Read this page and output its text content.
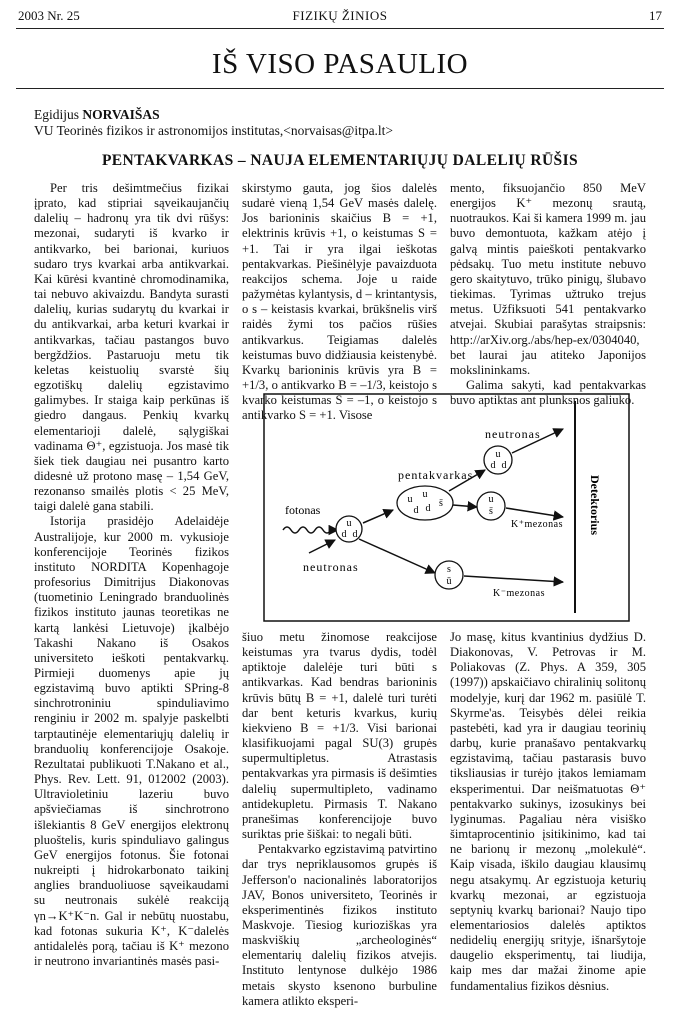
2003 Nr. 25	FIZIKŲ ŽINIOS	17
IŠ VISO PASAULIO
Egidijus NORVAIŠAS
VU Teorinės fizikos ir astronomijos institutas,<norvaisas@itpa.lt>
PENTAKVARKAS – NAUJA ELEMENTARIŲJŲ DALELIŲ RŪŠIS

Per tris dešimtmečius fizikai įprato, kad stipriai sąveikaujančių dalelių – hadronų yra tik dvi rūšys: mezonai, sudaryti iš kvarko ir antikvarko, bei barionai, kuriuos sudaro trys kvarkai arba antikvarkai. Kai kūrėsi kvantinė chromodinamika, tai nebuvo akivaizdu. Bandyta surasti dalelių, kurias sudarytų du kvarkai ir du antikvarkai, arba keturi kvarkai ir antikvarkas, tačiau pastangos buvo bergždžios. Pastaruoju metu tik keletas keistuolių svarstė šių egzotiškų dalelių egzistavimo galimybes. Ir staiga kaip perkūnas iš giedro dangaus. Penkių kvarkų elementarioji dalelė, sąlygiškai vadinama Θ⁺, egzistuoja. Jos masė tik šiek tiek daugiau nei pusantro karto didesnė už protono masę – 1,54 GeV, rezonanso smailės plotis < 25 MeV, taigi dalelė gana stabili.

Istorija prasidėjo Adelaidėje Australijoje, kur 2000 m. vykusioje konferencijoje Teorinės fizikos instituto NORDITA Kopenhagoje profesorius Dimitrijus Diakonovas (tuometinio Leningrado branduolinės fizikos instituto jaunas teoretikas ne kartą lankėsi Lietuvoje) įkalbėjo Takashi Nakano iš Osakos universiteto ieškoti pentakvarkų. Pirmieji duomenys apie jų egzistavimą buvo aptikti SPring-8 sinchrotroniniu spinduliavimo renginiu ir 2002 m. spalyje paskelbti tarptautinėje elementariųjų dalelių ir branduolių konferencijoje Osakoje. Rezultatai publikuoti T.Nakano et al., Phys. Rev. Lett. 91, 012002 (2003). Ultravioletiniu lazeriu buvo apšviečiamas iš sinchrotrono išlekiantis 8 GeV energijos elektronų pluoštelis, kuris spinduliavo galingus GeV energijos fotonus. Šie fotonai nukreipti į hidrokarbonato taikinį anglies branduoliuose sąveikaudami su neutronais sukėlė reakciją γn→K⁺K⁻n. Gal ir nebūtų nuostabu, kad fotonas sukuria K⁺, K⁻dalelės antidalelės porą, tačiau iš K⁺ mezono ir neutrono invariantinės masės pasi-

skirstymo gauta, jog šios dalelės sudarė vieną 1,54 GeV masės dalelę. Jos barioninis skaičius B = +1, elektrinis krūvis +1, o keistumas S = +1. Tai ir yra ilgai ieškotas pentakvarkas. Piešinėlyje pavaizduota reakcijos schema. Joje u raide pažymėtas kylantysis, d – krintantysis, o s – keistasis kvarkai, brūkšnelis virš raidės žymi tos pačios rūšies antikvarkus. Teigiamas dalelės keistumas buvo didžiausia keistenybė. Kvarkų barioninis krūvis yra B = +1/3, o antikvarko B = –1/3, keistojo s kvarko keistumas S = –1, o keistojo s antikvarko S = +1. Visose

mento, fiksuojančio 850 MeV energijos K⁺ mezonų srautą, nuotraukos. Kai ši kamera 1999 m. jau buvo demontuota, kažkam atėjo į galvą mintis paieškoti pentakvarko pėdsakų. Tuo metu institute nebuvo gero skaitytuvo, trūko pinigų, šlubavo tiekimas. Tyrimas užtruko trejus metus. Užfiksuoti 541 pentakvarko atvejai. Skubiai parašytas straipsnis: http://arXiv.org./abs/hep-ex/0304040, bet laurai jau atiteko Japonijos mokslininkams.

Galima sakyti, kad pentakvarkas buvo aptiktas ant plunksnos galiuko.

Detektorius
fotonas
neutronas
u
d d
u
d
u
d s̄
pentakvarkas
u
d d
neutronas
u
s̄
K⁺mezonas
s
ū
K⁻mezonas

šiuo metu žinomose reakcijose keistumas yra tvarus dydis, todėl aptiktoje dalelėje turi būti s antikvarkas. Kad bendras barioninis krūvis būtų B = +1, dalelė turi turėti dar bent keturis kvarkus, kurių kiekvieno B = +1/3. Visi barionai klasifikuojami pagal SU(3) grupės supermultipletus. Atrastasis pentakvarkas yra pirmasis iš dešimties dalelių supermultipleto, vadinamo antidekupletu. Pirmasis T. Nakano pranešimas konferencijoje buvo suriktas prie šiškai: to negali būti.

Pentakvarko egzistavimą patvirtino dar trys nepriklausomos grupės iš Jefferson'o nacionalinės laboratorijos JAV, Bonos universiteto, Teorinės ir eksperimentinės fizikos instituto Maskvoje. Tiesiog kurioziškas yra maskviškių „archeologinės“ elementarių dalelių fizikos atvejis. Instituto lentynose dulkėjo 1986 metais skysto ksenono burbuline kamera atlikto eksperi-

Jo masę, kitus kvantinius dydžius D. Diakonovas, V. Petrovas ir M. Poliakovas (Z. Phys. A 359, 305 (1997)) apskaičiavo chiralinių solitonų modelyje, kurį dar 1962 m. pasiūlė T. Skyrme'as. Teisybės dėlei reikia pastebėti, kad yra ir daugiau teorinių darbų, kurie pranašavo pentakvarkų egzistavimą, tačiau pastarasis buvo tiksliausias ir turėjo įtakos lemiamam eksperimentui. Dar neišmatuotas Θ⁺ pentakvarko sukinys, izosukinys bei lyginumas. Pagaliau nėra visiško šimtaprocentinio įsitikinimo, kad tai ne barionų ir mezonų „molekulė“. Kaip visada, iškilo daugiau klausimų negu atsakymų. Ar egzistuoja keturių kvarkų mezonai, ar egzistuoja septynių kvarkų barionai? Naujo tipo elementariosios dalelės aptiktos nedidelių energijų srityje, išnaršytoje daugelio eksperimentų, tai liudija, kaip mes dar mažai žinome apie fundamentalius fizikos dėsnius.
